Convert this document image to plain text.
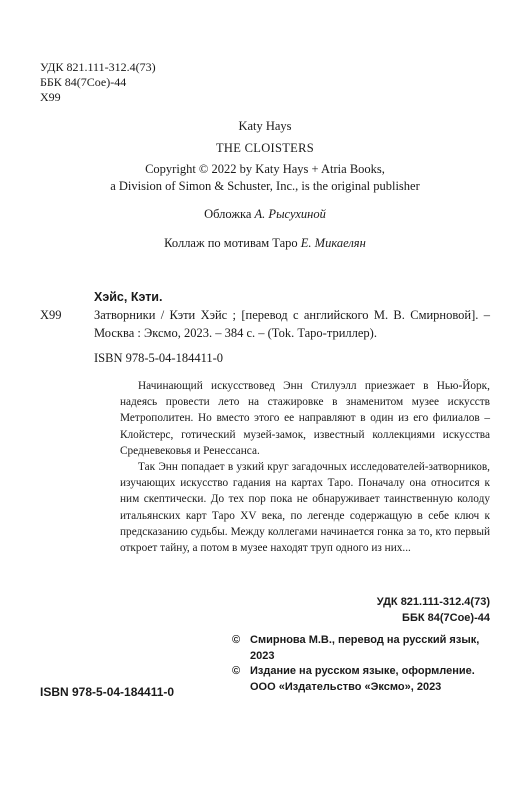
УДК 821.111-312.4(73)
ББК 84(7Сое)-44
Х99
Katy Hays
THE CLOISTERS
Copyright © 2022 by Katy Hays + Atria Books,
a Division of Simon & Schuster, Inc., is the original publisher
Обложка А. Рысухиной
Коллаж по мотивам Таро Е. Микаелян
Хэйс, Кэти.
Х99	Затворники / Кэти Хэйс ; [перевод с английского М. В. Смирновой]. – Москва : Эксмо, 2023. – 384 с. – (Tok. Таро-триллер).
ISBN 978-5-04-184411-0

Начинающий искусствовед Энн Стилуэлл приезжает в Нью-Йорк, надеясь провести лето на стажировке в знаменитом музее искусств Метрополитен. Но вместо этого ее направляют в один из его филиалов – Клойстерс, готический музей-замок, известный коллекциями искусства Средневековья и Ренессанса.

Так Энн попадает в узкий круг загадочных исследователей-затворников, изучающих искусство гадания на картах Таро. Поначалу она относится к ним скептически. До тех пор пока не обнаруживает таинственную колоду итальянских карт Таро XV века, по легенде содержащую в себе ключ к предсказанию судьбы. Между коллегами начинается гонка за то, кто первый откроет тайну, а потом в музее находят труп одного из них...

УДК 821.111-312.4(73)
ББК 84(7Сое)-44
© Смирнова М.В., перевод на русский язык, 2023
© Издание на русском языке, оформление. ООО «Издательство «Эксмо», 2023
ISBN 978-5-04-184411-0
